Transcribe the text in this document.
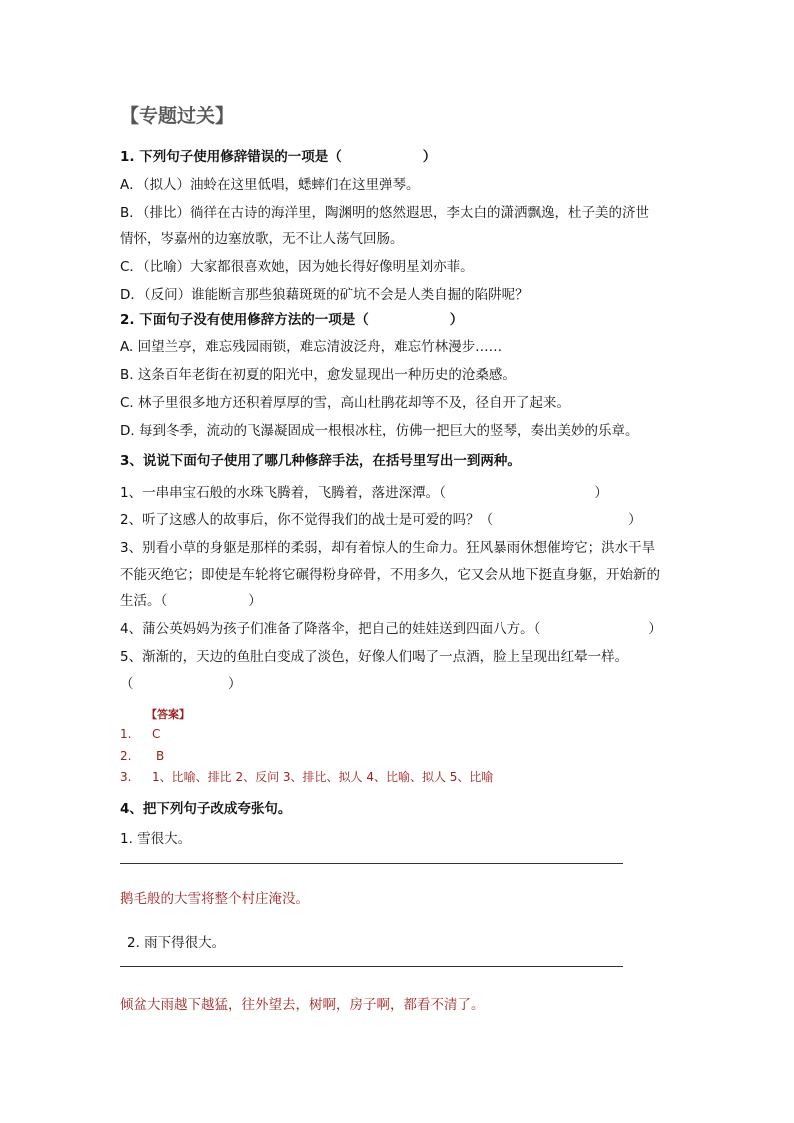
【专题过关】
1. 下列句子使用修辞错误的一项是（　　　　　　）
A．（拟人）油蛉在这里低唱，蟋蟀们在这里弹琴。
B．（排比）徜徉在古诗的海洋里，陶渊明的悠然遐思，李太白的潇洒飘逸，杜子美的济世
情怀，岑嘉州的边塞放歌，无不让人荡气回肠。
C．（比喻）大家都很喜欢她，因为她长得好像明星刘亦菲。
D．（反问）谁能断言那些狼藉斑斑的矿坑不会是人类自掘的陷阱呢？
2. 下面句子没有使用修辞方法的一项是（　　　　　　）
A. 回望兰亭，难忘残园雨锁，难忘清波泛舟，难忘竹林漫步……
B. 这条百年老街在初夏的阳光中，愈发显现出一种历史的沧桑感。
C. 林子里很多地方还积着厚厚的雪，高山杜鹃花却等不及，径自开了起来。
D. 每到冬季，流动的飞瀑凝固成一根根冰柱，仿佛一把巨大的竖琴，奏出美妙的乐章。
3、说说下面句子使用了哪几种修辞手法，在括号里写出一到两种。
1、一串串宝石般的水珠飞腾着，飞腾着，落进深潭。（　　　　　　　　　　　）
2、听了这感人的故事后，你不觉得我们的战士是可爱的吗？（　　　　　　　　　　）
3、别看小草的身躯是那样的柔弱，却有着惊人的生命力。狂风暴雨休想催垮它；洪水干旱
不能灭绝它；即使是车轮将它碾得粉身碎骨，不用多久，它又会从地下挺直身躯，开始新的
生活。（　　　　　　）
4、蒲公英妈妈为孩子们准备了降落伞，把自己的娃娃送到四面八方。（　　　　　　　　）
5、渐渐的，天边的鱼肚白变成了淡色，好像人们喝了一点酒，脸上呈现出红晕一样。
（　　　　　　　）
【答案】
1. C
2. B
3. 1、比喻、排比 2、反问 3、排比、拟人 4、比喻、拟人 5、比喻
4、把下列句子改成夸张句。
1. 雪很大。
鹅毛般的大雪将整个村庄淹没。
2. 雨下得很大。
倾盆大雨越下越猛，往外望去，树啊，房子啊，都看不清了。
